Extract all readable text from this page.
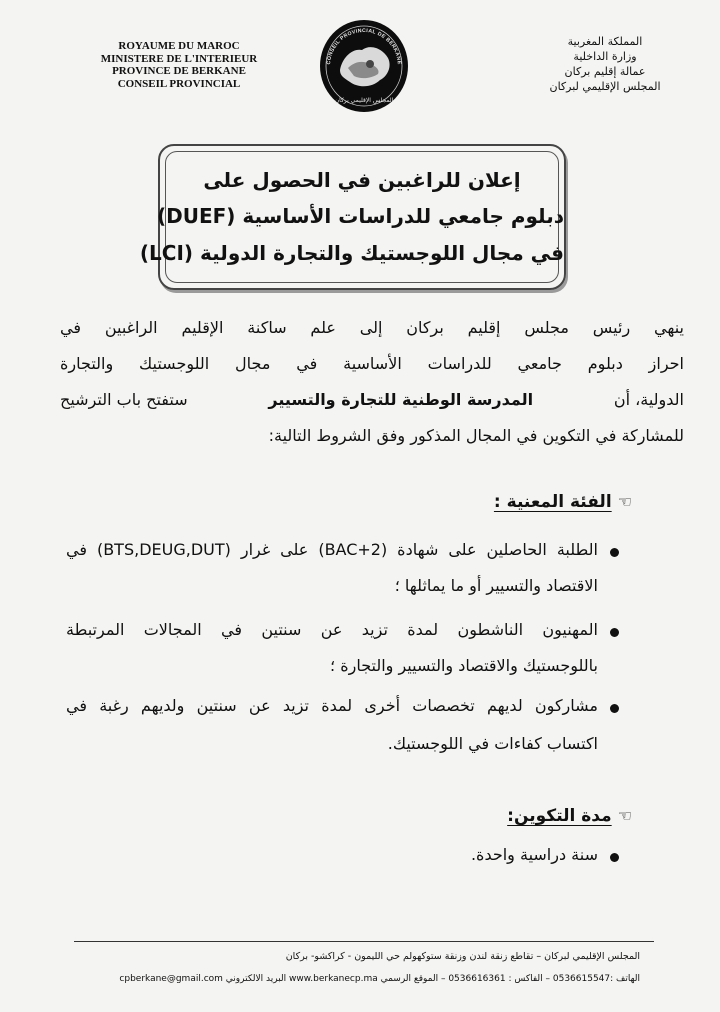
ROYAUME DU MAROC
MINISTERE DE L'INTERIEUR
PROVINCE DE BERKANE
CONSEIL PROVINCIAL
المملكة المغربية
وزارة الداخلية
عمالة إقليم بركان
المجلس الإقليمي لبركان
CONSEIL PROVINCIAL DE BERKANE
المجلس الإقليمي بركان
إعلان للراغبين في الحصول على
دبلوم جامعي للدراسات الأساسية (DUEF)
في مجال اللوجستيك والتجارة الدولية (LCI)
ينهي رئيس مجلس إقليم بركان إلى علم ساكنة الإقليم الراغبين في
احراز دبلوم جامعي للدراسات الأساسية في مجال اللوجستيك والتجارة
الدولية، أن
المدرسة الوطنية للتجارة والتسيير
ستفتح باب الترشيح
للمشاركة في التكوين في المجال المذكور وفق الشروط التالية:
☜الفئة المعنية :
الطلبة الحاصلين على شهادة (BAC+2) على غرار (BTS,DEUG,DUT) في
الاقتصاد والتسيير أو ما يماثلها ؛
المهنيون الناشطون لمدة تزيد عن سنتين في المجالات المرتبطة
باللوجستيك والاقتصاد والتسيير والتجارة ؛
مشاركون لديهم تخصصات أخرى لمدة تزيد عن سنتين ولديهم رغبة في
اكتساب كفاءات في اللوجستيك.
☜مدة التكوين:
سنة دراسية واحدة.
المجلس الإقليمي لبركان – تقاطع زنقة لندن وزنقة ستوكهولم حي الليمون - كراكشو- بركان
الهاتف :0536615547 – الفاكس : 0536616361 – الموقع الرسمي www.berkanecp.ma البريد الالكتروني cpberkane@gmail.com
